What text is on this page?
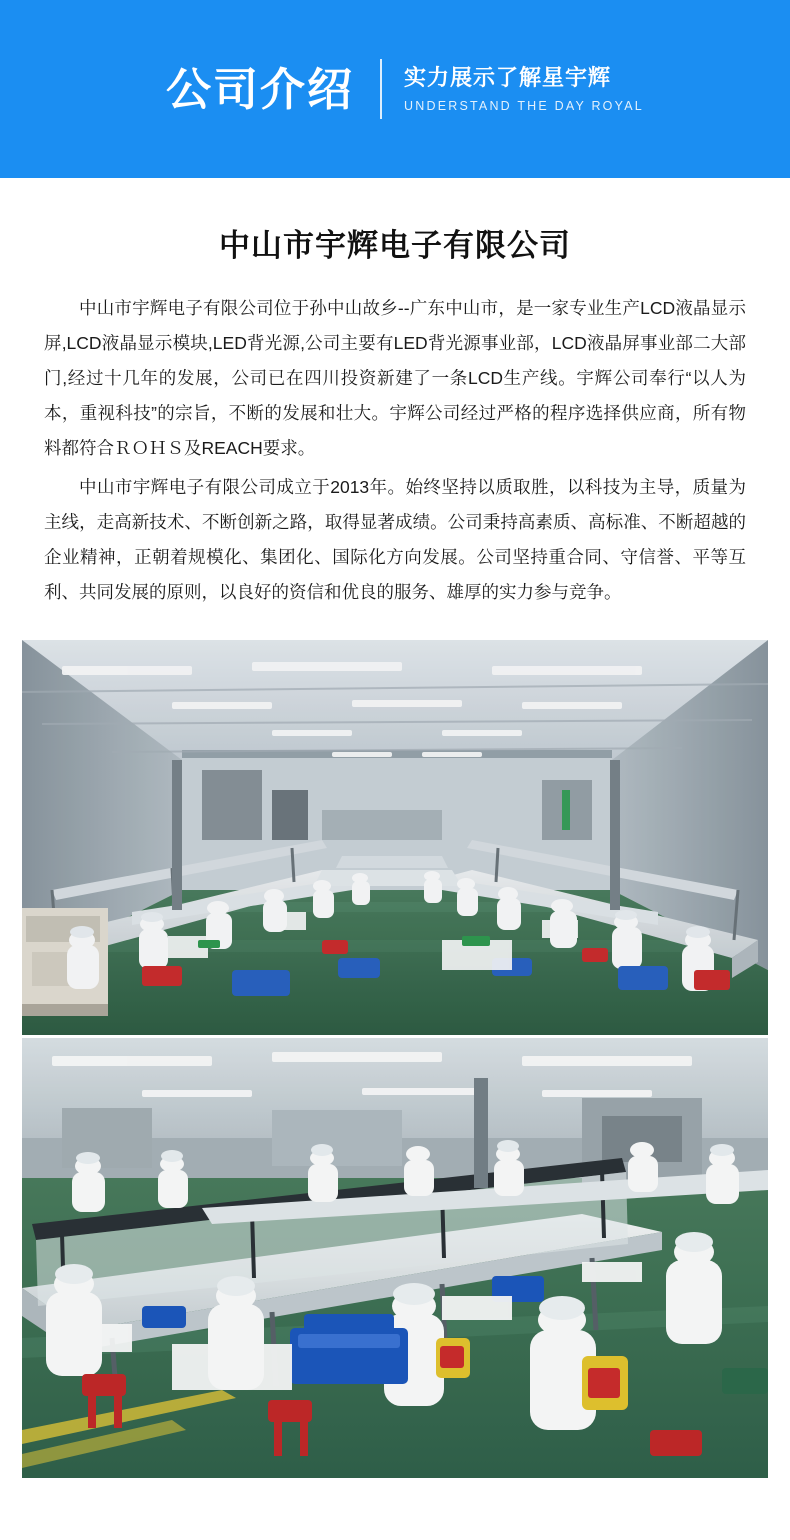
公司介绍 实力展示了解星宇辉
UNDERSTAND THE DAY ROYAL
中山市宇辉电子有限公司

中山市宇辉电子有限公司位于孙中山故乡--广东中山市，是一家专业生产LCD液晶显示屏,LCD液晶显示模块,LED背光源,公司主要有LED背光源事业部，LCD液晶屏事业部二大部门,经过十几年的发展，公司已在四川投资新建了一条LCD生产线。宇辉公司奉行“以人为本，重视科技”的宗旨，不断的发展和壮大。宇辉公司经过严格的程序选择供应商，所有物料都符合ＲＯＨＳ及REACH要求。

中山市宇辉电子有限公司成立于2013年。始终坚持以质取胜，以科技为主导，质量为主线，走高新技术、不断创新之路，取得显著成绩。公司秉持高素质、高标准、不断超越的企业精神，正朝着规模化、集团化、国际化方向发展。公司坚持重合同、守信誉、平等互利、共同发展的原则，以良好的资信和优良的服务、雄厚的实力参与竞争。
